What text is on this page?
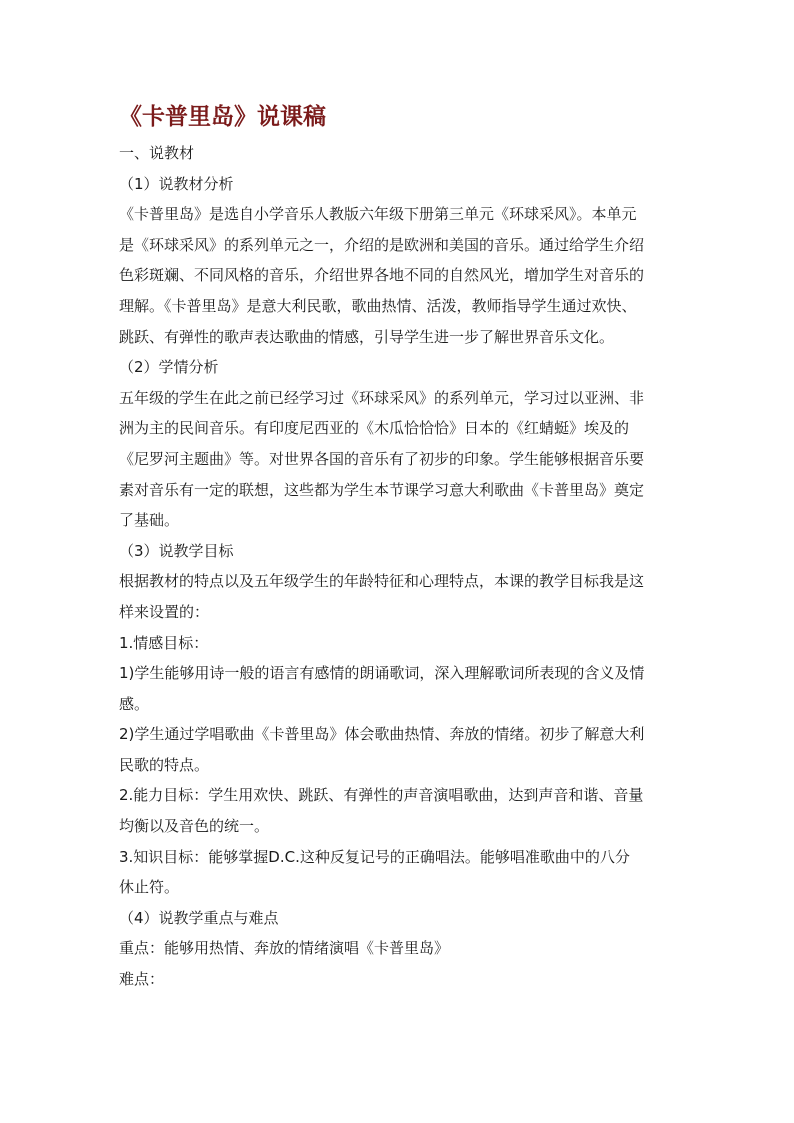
《卡普里岛》说课稿

一、说教材

（1）说教材分析

《卡普里岛》是选自小学音乐人教版六年级下册第三单元《环球采风》。本单元
是《环球采风》的系列单元之一，介绍的是欧洲和美国的音乐。通过给学生介绍
色彩斑斓、不同风格的音乐，介绍世界各地不同的自然风光，增加学生对音乐的
理解。《卡普里岛》是意大利民歌，歌曲热情、活泼，教师指导学生通过欢快、
跳跃、有弹性的歌声表达歌曲的情感，引导学生进一步了解世界音乐文化。

（2）学情分析

五年级的学生在此之前已经学习过《环球采风》的系列单元，学习过以亚洲、非
洲为主的民间音乐。有印度尼西亚的《木瓜恰恰恰》日本的《红蜻蜓》埃及的
《尼罗河主题曲》等。对世界各国的音乐有了初步的印象。学生能够根据音乐要
素对音乐有一定的联想，这些都为学生本节课学习意大利歌曲《卡普里岛》奠定
了基础。

（3）说教学目标

根据教材的特点以及五年级学生的年龄特征和心理特点，本课的教学目标我是这
样来设置的：

1.情感目标：

1)学生能够用诗一般的语言有感情的朗诵歌词，深入理解歌词所表现的含义及情
感。

2)学生通过学唱歌曲《卡普里岛》体会歌曲热情、奔放的情绪。初步了解意大利
民歌的特点。

2.能力目标：学生用欢快、跳跃、有弹性的声音演唱歌曲，达到声音和谐、音量
均衡以及音色的统一。

3.知识目标：能够掌握D.C.这种反复记号的正确唱法。能够唱准歌曲中的八分
休止符。

（4）说教学重点与难点

重点：能够用热情、奔放的情绪演唱《卡普里岛》

难点：
